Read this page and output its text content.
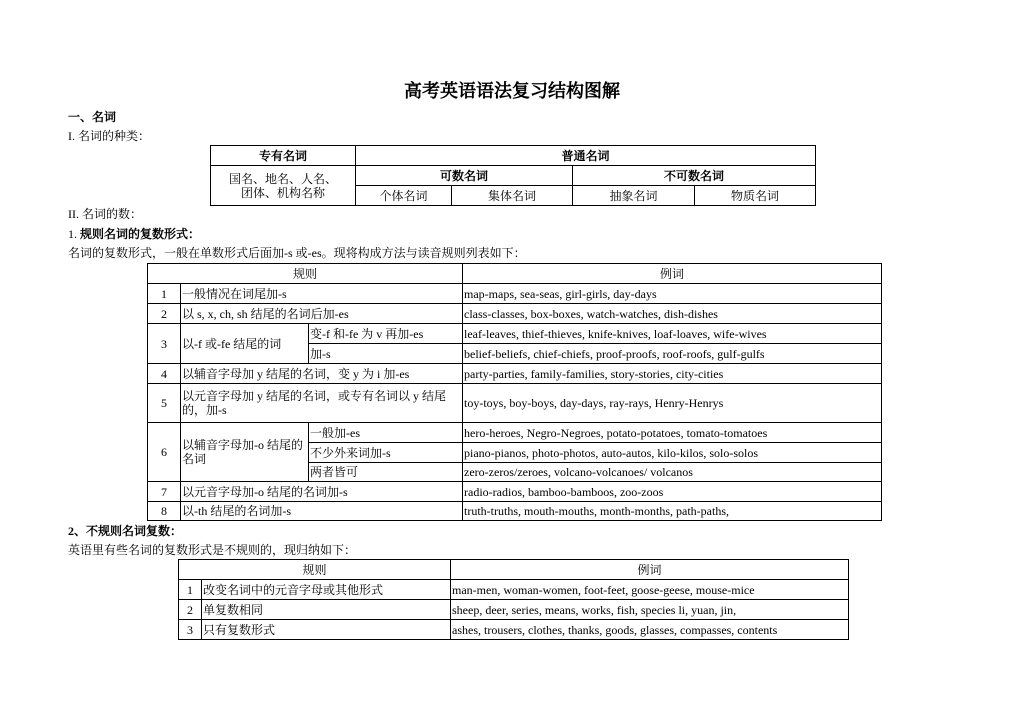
高考英语语法复习结构图解
一、名词
I. 名词的种类：
专有名词	普通名词			

国名、地名、人名、
团体、机构名称	可数名词		不可数名词	
	个体名词	集体名词	抽象名词	物质名词
II. 名词的数：
1. 规则名词的复数形式：
名词的复数形式，一般在单数形式后面加-s 或-es。现将构成方法与读音规则列表如下：
规则			例词
1	一般情况在词尾加-s		map-maps, sea-seas, girl-girls, day-days
2	以 s, x, ch, sh 结尾的名词后加-es		class-classes, box-boxes, watch-watches, dish-dishes
3	以-f 或-fe 结尾的词	变-f 和-fe 为 v 再加-es	leaf-leaves, thief-thieves, knife-knives, loaf-loaves, wife-wives
		加-s	belief-beliefs, chief-chiefs, proof-proofs, roof-roofs, gulf-gulfs
4	以辅音字母加 y 结尾的名词，变 y 为 i 加-es		party-parties, family-families, story-stories, city-cities
5	以元音字母加 y 结尾的名词，或专有名词以 y 结尾的，加-s		toy-toys, boy-boys, day-days, ray-rays, Henry-Henrys
6	以辅音字母加-o 结尾的名词	一般加-es	hero-heroes, Negro-Negroes, potato-potatoes, tomato-tomatoes
		不少外来词加-s	piano-pianos, photo-photos, auto-autos, kilo-kilos, solo-solos
		两者皆可	zero-zeros/zeroes, volcano-volcanoes/ volcanos
7	以元音字母加-o 结尾的名词加-s		radio-radios, bamboo-bamboos, zoo-zoos
8	以-th 结尾的名词加-s		truth-truths, mouth-mouths, month-months, path-paths,
2、不规则名词复数：
英语里有些名词的复数形式是不规则的，现归纳如下：
规则		例词
1	改变名词中的元音字母或其他形式	man-men, woman-women, foot-feet, goose-geese, mouse-mice
2	单复数相同	sheep, deer, series, means, works, fish, species li, yuan, jin,
3	只有复数形式	ashes, trousers, clothes, thanks, goods, glasses, compasses, contents
